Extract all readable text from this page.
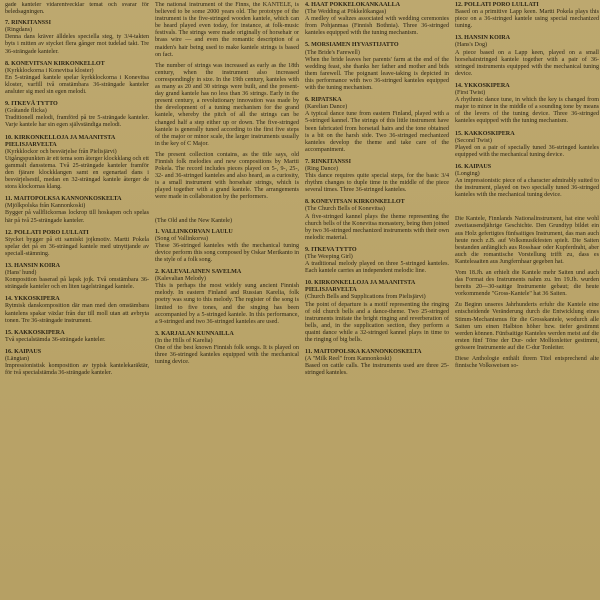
gade kanteler vidarentvecklar temat och svarar för beledsagningen.

7. RINKITANSSI

(Ringdans)

Denna dans kräver älldeles speciella steg, ty 3/4-takten byts i mitten av stycket flera gånger mot tudelad takt. Tre 36-strängade kanteler.

8. KONEVITSAN KIRKONKELLOT

(Kyrkklockorna i Konevitsa kloster)

En 5-strängad kantele spelar kyrkklockorna i Konevitsa kloster, varfill två omstämbara 36-strängade kanteler ansluter sig med sin egen melodi.

9. ITKEVÄ TYTTO

(Gråtande flicka)

Traditionell melodi, framförd på tre 5-strängade kanteler. Varje kantele har sin egen självständiga melodi.

10. KIRKONKELLOJA JA MAANITSTA PIELISJARVELTA

(Kyrkklockor och besvärjelse från Pielisjärvi)

Utgångspunkten är ett tema som återger klockklang och ett gammalt dansstema. Två 25-strängade kanteler framför den fjärare klockklangen samt en egenartad dans i besvärjelsestil, medan en 32-strängad kantele återger de stora klockornas klang.

11. MAITOPOLKSA KANNONKOSKELTA

(Mjölkpolska från Kannonkoski)

Bygger på vallflickornas lockrop till hoskapen och spelas här på två 25-strängade kanteler.

12. POLLATI PORO LULLATI

Stycket bygger på ett samiskt jojkmotiv. Martti Pokela spelar det på en 36-strängad kantele med utnyttjande av speciall-stämning.

13. HANSIN KOIRA

(Hans' hund)

Komposition baserad på lapsk jojk. Två omstämbara 36-strängade kanteler och en liten tagelsträngad kantele.

14. YKKOSKIPERA

Rytmisk danskomposition där man med den omstämbara kantelens spakar växlar från dur till moll utan att avbryta tonen. Tre 36-strängade instrument.

15. KAKKOSKIPERA

Två specialstämda 36-strängade kanteler.

16. KAIPAUS

(Längtan)

Impressionistisk komposition av typisk kantelekaräktär, för två specialstämda 36-strängade kanteler.

The national instrument of the Finns, the KANTELE, is believed to be some 2000 years old. The prototype of the instrument is the five-stringed wooden kantele, which can be heard played even today, for instance, at folk-music festivals. The strings were made originally of horsehair or brass wire — and even the romantic description of a maiden's hair being used to make kantele strings is based on fact.

The number of strings was increased as early as the 18th century, when the instrument also increased correspondingly in size. In the 19th century, kanteles with as many as 20 and 30 strings were built, and the present-day grand kantele has no less than 36 strings. Early in the present century, a revolutionary innovation was made by the development of a tuning mechanism for the grand kantele, whereby the pitch of all the strings can be changed half a step either up or down. The five-stringed kantele is generally tuned according to the first five steps of the major or minor scale, the larger instruments usually in the key of C Major.

The present collection contains, as the title says, old Finnish folk melodies and new compositions by Martti Pokela. The record includes pieces played on 5-, 9-, 25-, 32- and 36-stringed kanteles and also heard, as a curiosity, is a small instrument with horsehair strings, which is played together with a grand kantele. The arrangements were made in collaboration by the performers.

(The Old and the New Kantele)

1. VALLINKORVAN LAULU

(Song of Vallinkorva)

These 36-stringed kanteles with the mechanical tuning device perform this song composed by Oskar Merikanto in the style of a folk song.

2. KALEVALAINEN SAVELMA

(Kalevalian Melody)

This is perhaps the most widely sung ancient Finnish melody. In eastern Finland and Russian Karelia, folk poetry was sung to this melody. The register of the song is limited to five tones, and the singing has been accompanied by a 5-stringed kantele. In this performance, a 9-stringed and two 36-stringed kanteles are used.

3. KARJALAN KUNNAILLA

(In the Hills of Karelia)

One of the best known Finnish folk songs. It is played on three 36-stringed kanteles equipped with the mechanical tuning device.

4. HÄAT POKKELOKANKAALLA

(The Wedding at Pökkelökangas)

A medley of waltzes associated with wedding ceremonies from Pohjanmaa (Finnish Bothnia). Three 36-stringed kanteles equipped with the tuning mechanism.

5. MORSIAMEN HYVASTIJATTO

(The Bride's Farewell)

When the bride leaves her parents' farm at the end of the wedding feast, she thanks her father and mother and bids them farewell. The poignant leave-taking is depicted in this performance with two 36-stringed kanteles equipped with the tuning mechanism.

6. RIPATSKA

(Karelian Dance)

A typical dance tune from eastern Finland, played with a 5-stringed kannel. The strings of this little instrument have been fabricated from horsetail hairs and the tone obtained is a bit on the harsh side. Two 36-stringed mechanized kanteles develop the theme and take care of the accompaniment.

7. RINKITANSSI

(Ring Dance)

This dance requires quite special steps, for the basic 3/4 rhythm changes to duple time in the middle of the piece several times. Three 36-stringed kanteles.

8. KONEVITSAN KIRKONKELLOT

(The Church Bells of Konevitsa)

A five-stringed kannel plays the theme representing the church bells of the Konevitsa monastery, being then joined by two 36-stringed mechanized instruments with their own melodic material.

9. ITKEVA TYTTO

(The Weeping Girl)

A traditional melody played on three 5-stringed kanteles. Each kantele carries an independent melodic line.

10. KIRKONKELLOJA JA MAANITSTA PIELISJARVELTA

(Church Bells and Supplications from Pielisjärvi)

The point of departure is a motif representing the ringing of old church bells and a dance-theme. Two 25-stringed instruments imitate the bright ringing and reverberation of bells, and, in the supplication section, they perform a quaint dance while a 32-stringed kannel plays in time to the ringing of big bells.

11. MAITOPOLSKA KANNONKOSKELTA

(A "Milk Reel" from Kannonkoski)

Based on cattle calls. The instruments used are three 25-stringed kanteles.

12. POLLATI PORO LULLATI

Based on a primitive Lapp keen. Martti Pokela plays this piece on a 36-stringed kantele using special mechanized tuning.

13. HANSIN KOIRA

(Hans's Dog)

A piece based on a Lapp keen, played on a small horsehairstringed kantele together with a pair of 36-stringed instruments equipped with the mechanical tuning device.

14. YKKOSKIPERA

(First Twist)

A rhythmic dance tune, in which the key is changed from major to minor in the middle of a sounding tone by means of the levers of the tuning device. Three 36-stringed kanteles equipped with the tuning mechanism.

15. KAKKOSKIPERA

(Second Twist)

Played on a pair of specially tuned 36-stringed kanteles equipped with the mechanical tuning device.

16. KAIPAUS

(Longing)

An impressionistic piece of a character admirably suited to the instrument, played on two specially tuned 36-stringed kanteles with the mechanical tuning device.

Die Kantele, Finnlands Nationalinstrument, hat eine wohl zweitausendjährige Geschichte. Den Grundtyp bildet ein aus Holz gefertigtes fünfsaitiges Instrument, das man auch heute noch z.B. auf Volksmusikfesten spielt. Die Saiten bestanden anfänglich aus Rosshaar oder Kupferdraht, aber auch die romantische Vorstellung trifft zu, dass es Kanteleaaiten aus Jungfernhaar gegeben hat.

Vom 18.Jh. an erhielt die Kantele mehr Saiten und auch das Format des Instruments nahm zu. Im 19.Jh. wurden bereits 20—30-saitige Instrumente gebaut; die heute vorkommende "Gross-Kantele" hat 36 Saiten.

Zu Beginn unseres Jahrhunderts erfuhr die Kantele eine entscheidende Veränderung durch die Entwicklung eines Stimm-Mechanismus für die Grosskantele, wodurch alle Saiten um einen Halbton höher bzw. tiefer gestimmt werden können. Fünfsaitige Kanteles werden meist auf die ersten fünf Töne der Dur- oder Molltonleiter gestimmt, grössere Instrumente auf die C-dur Tonleiter.

Diese Anthologie enthält ihrem Titel entsprechend alte finnische Volksweisen so-
